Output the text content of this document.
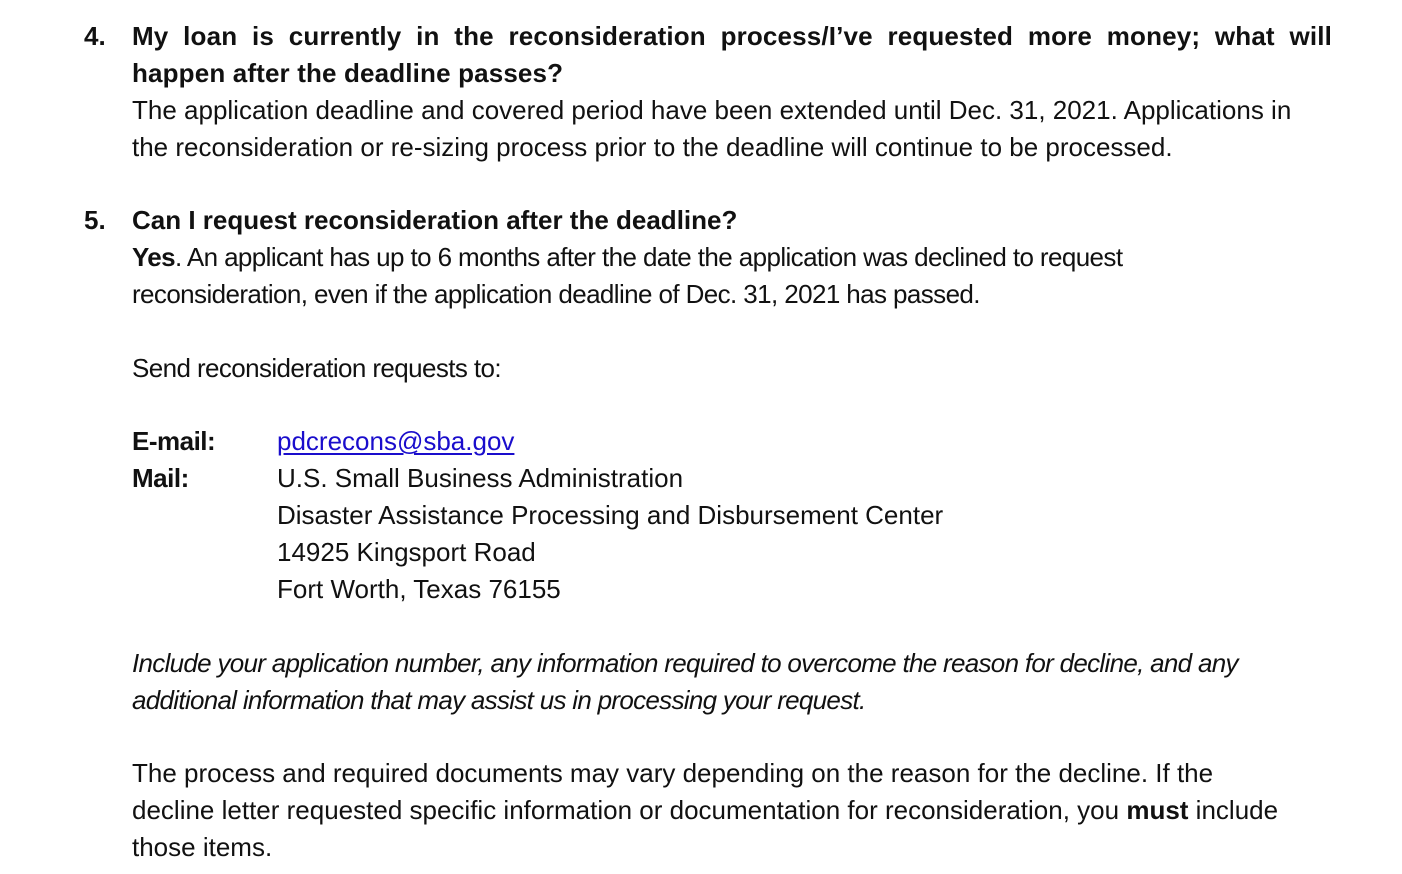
4. My loan is currently in the reconsideration process/I’ve requested more money; what will happen after the deadline passes?
The application deadline and covered period have been extended until Dec. 31, 2021. Applications in the reconsideration or re-sizing process prior to the deadline will continue to be processed.
5. Can I request reconsideration after the deadline?
Yes. An applicant has up to 6 months after the date the application was declined to request reconsideration, even if the application deadline of Dec. 31, 2021 has passed.
Send reconsideration requests to:
E-mail: pdcrecons@sba.gov
Mail:	U.S. Small Business Administration
Disaster Assistance Processing and Disbursement Center
14925 Kingsport Road
Fort Worth, Texas 76155
Include your application number, any information required to overcome the reason for decline, and any additional information that may assist us in processing your request.
The process and required documents may vary depending on the reason for the decline. If the decline letter requested specific information or documentation for reconsideration, you must include those items.
